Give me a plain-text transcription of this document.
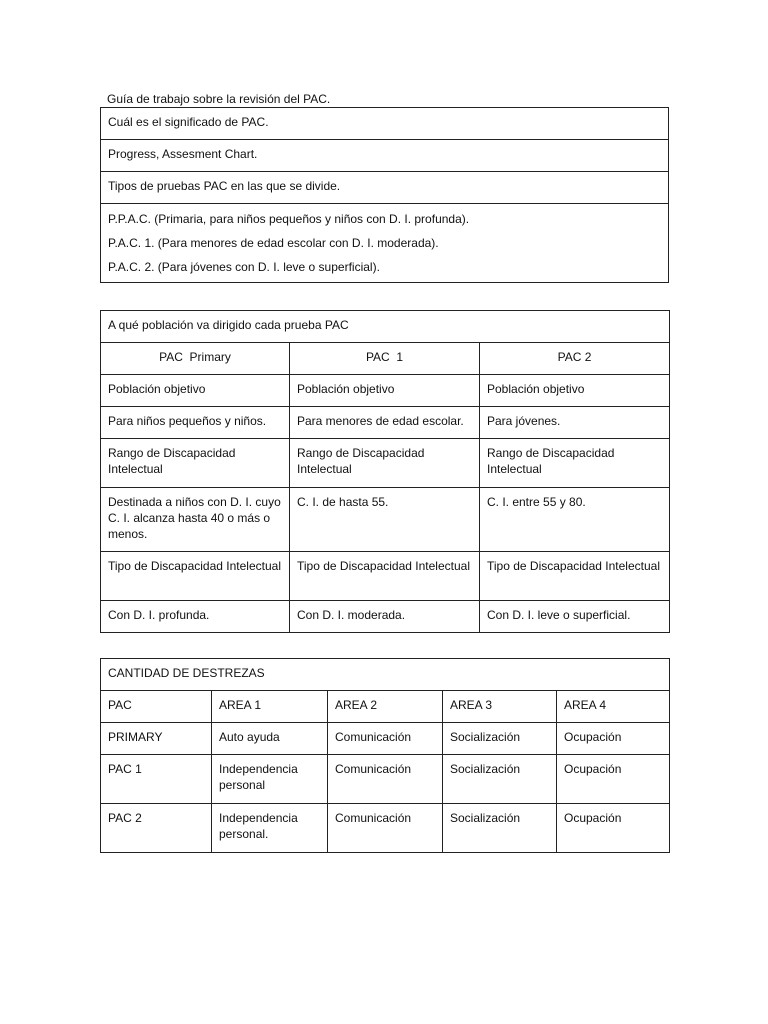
Guía de trabajo sobre la revisión del PAC.
Cuál es el significado de PAC.
Progress, Assesment Chart.
Tipos de pruebas PAC en las que se divide.

P.P.A.C. (Primaria, para niños pequeños y niños con D. I. profunda).
P.A.C. 1. (Para menores de edad escolar con D. I. moderada).
P.A.C. 2. (Para jóvenes con D. I. leve o superficial).
A qué población va dirigido cada prueba PAC		
PAC  Primary	PAC  1	PAC 2
Población objetivo	Población objetivo	Población objetivo
Para niños pequeños y niños.	Para menores de edad escolar.	Para jóvenes.
Rango de Discapacidad Intelectual	Rango de Discapacidad Intelectual	Rango de Discapacidad Intelectual
Destinada a niños con D. I. cuyo C. I. alcanza hasta 40 o más o menos.	C. I. de hasta 55.	C. I. entre 55 y 80.
Tipo de Discapacidad Intelectual	Tipo de Discapacidad Intelectual	Tipo de Discapacidad Intelectual
Con D. I. profunda.	Con D. I. moderada.	Con D. I. leve o superficial.
CANTIDAD DE DESTREZAS				
PAC	AREA 1	AREA 2	AREA 3	AREA 4
PRIMARY	Auto ayuda	Comunicación	Socialización	Ocupación
PAC 1	Independencia personal	Comunicación	Socialización	Ocupación
PAC 2	Independencia personal.	Comunicación	Socialización	Ocupación
